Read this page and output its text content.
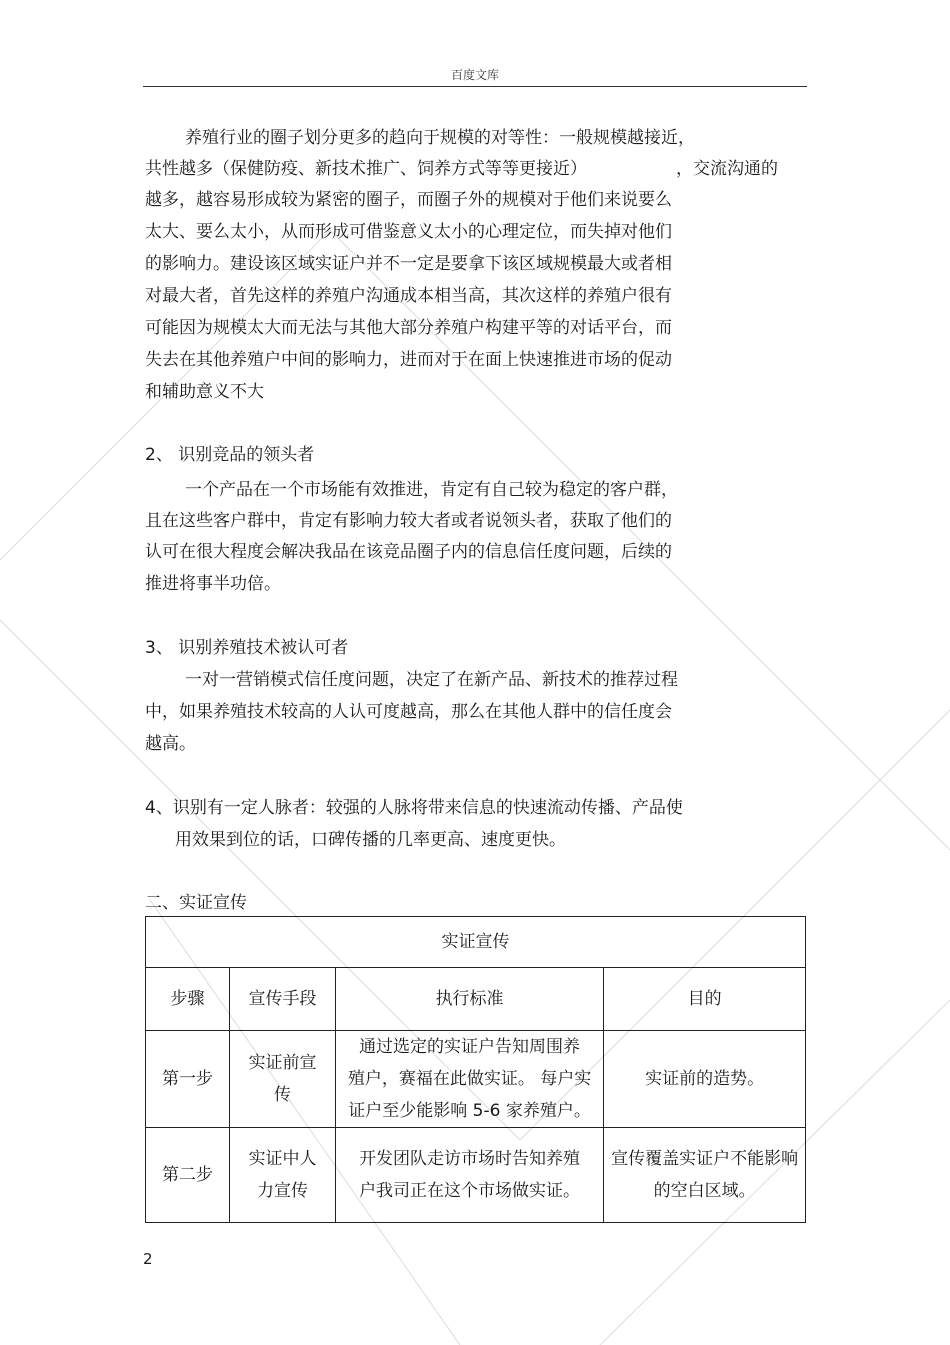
百度文库
养殖行业的圈子划分更多的趋向于规模的对等性：一般规模越接近，
共性越多（保健防疫、新技术推广、饲养方式等等更接近）	，交流沟通的
越多，越容易形成较为紧密的圈子，而圈子外的规模对于他们来说要么
太大、要么太小，从而形成可借鉴意义太小的心理定位，而失掉对他们
的影响力。建设该区域实证户并不一定是要拿下该区域规模最大或者相
对最大者，首先这样的养殖户沟通成本相当高，其次这样的养殖户很有
可能因为规模太大而无法与其他大部分养殖户构建平等的对话平台，而
失去在其他养殖户中间的影响力，进而对于在面上快速推进市场的促动
和辅助意义不大
2、 识别竞品的领头者
一个产品在一个市场能有效推进，肯定有自己较为稳定的客户群，
且在这些客户群中，肯定有影响力较大者或者说领头者，获取了他们的
认可在很大程度会解决我品在该竞品圈子内的信息信任度问题，后续的
推进将事半功倍。
3、 识别养殖技术被认可者
一对一营销模式信任度问题，决定了在新产品、新技术的推荐过程
中，如果养殖技术较高的人认可度越高，那么在其他人群中的信任度会
越高。
4、识别有一定人脉者：较强的人脉将带来信息的快速流动传播、产品使
用效果到位的话，口碑传播的几率更高、速度更快。
二、实证宣传
实证宣传			
步骤	宣传手段	执行标准	目的
第一步	实证前宣传	通过选定的实证户告知周围养
殖户，赛福在此做实证。 每户实
证户至少能影响 5-6 家养殖户。	实证前的造势。
第二步	实证中人力宣传	开发团队走访市场时告知养殖
户我司正在这个市场做实证。	宣传覆盖实证户不能影响的空白区域。
2
